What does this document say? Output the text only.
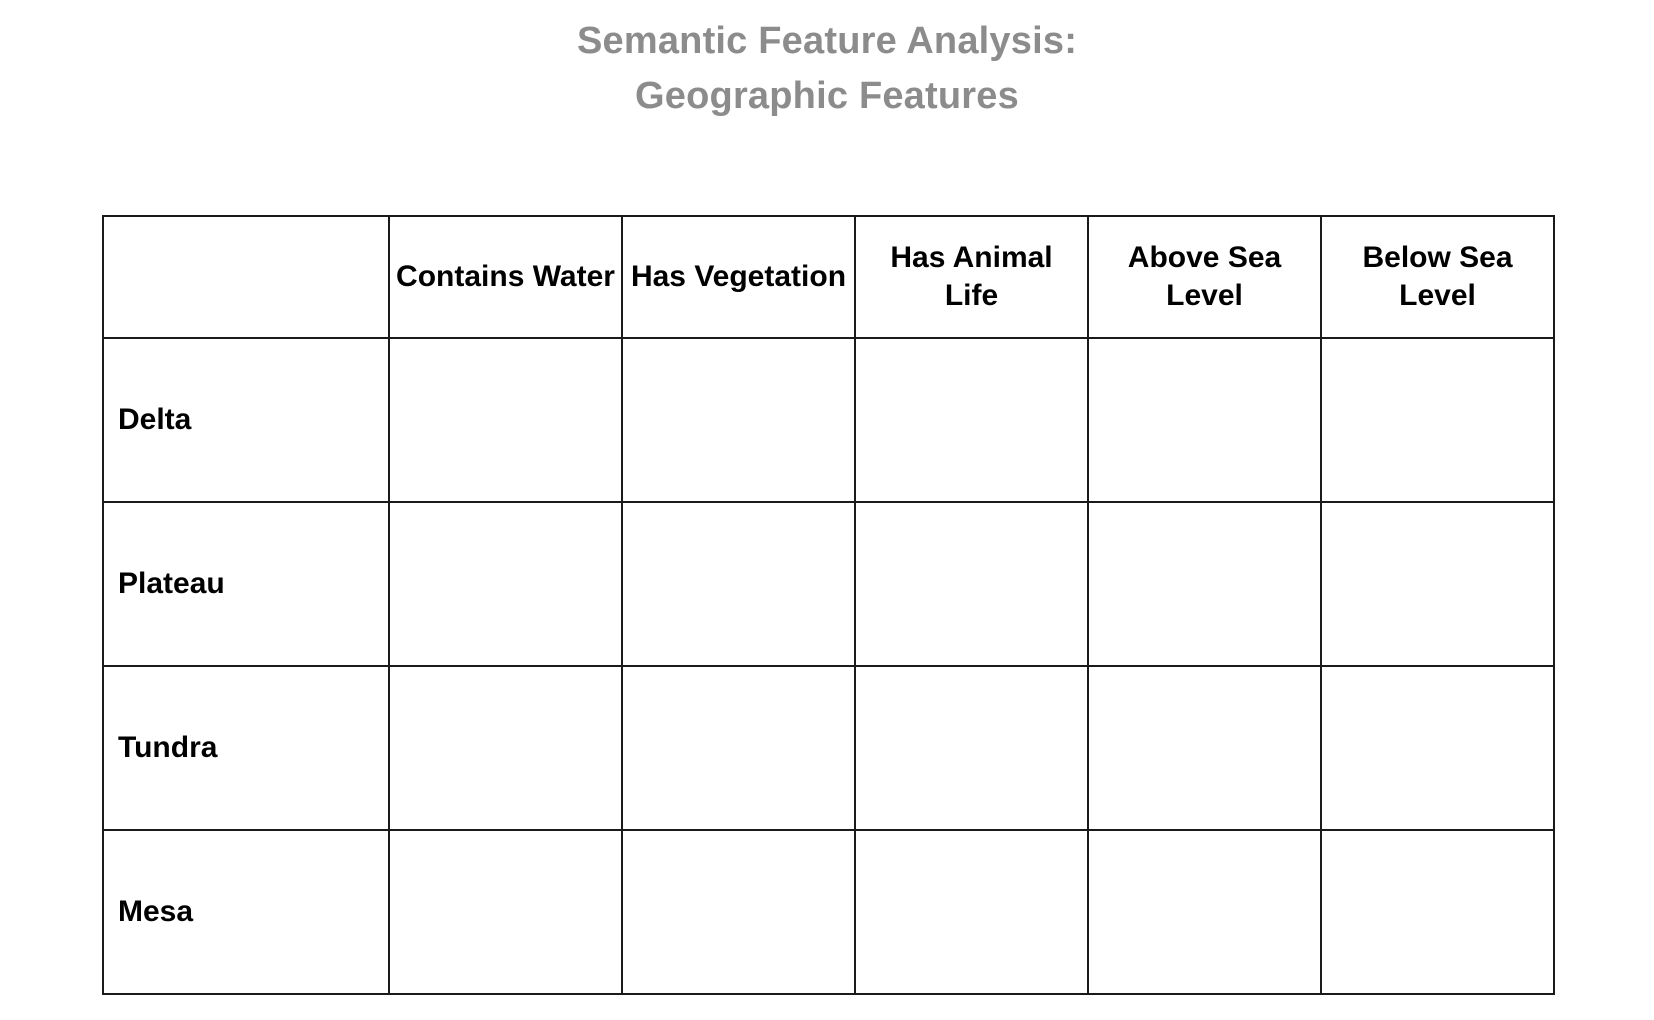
Semantic Feature Analysis:
Geographic Features
	Contains Water	Has Vegetation	Has Animal Life	Above Sea Level	Below Sea Level
Delta					
Plateau					
Tundra					
Mesa					
